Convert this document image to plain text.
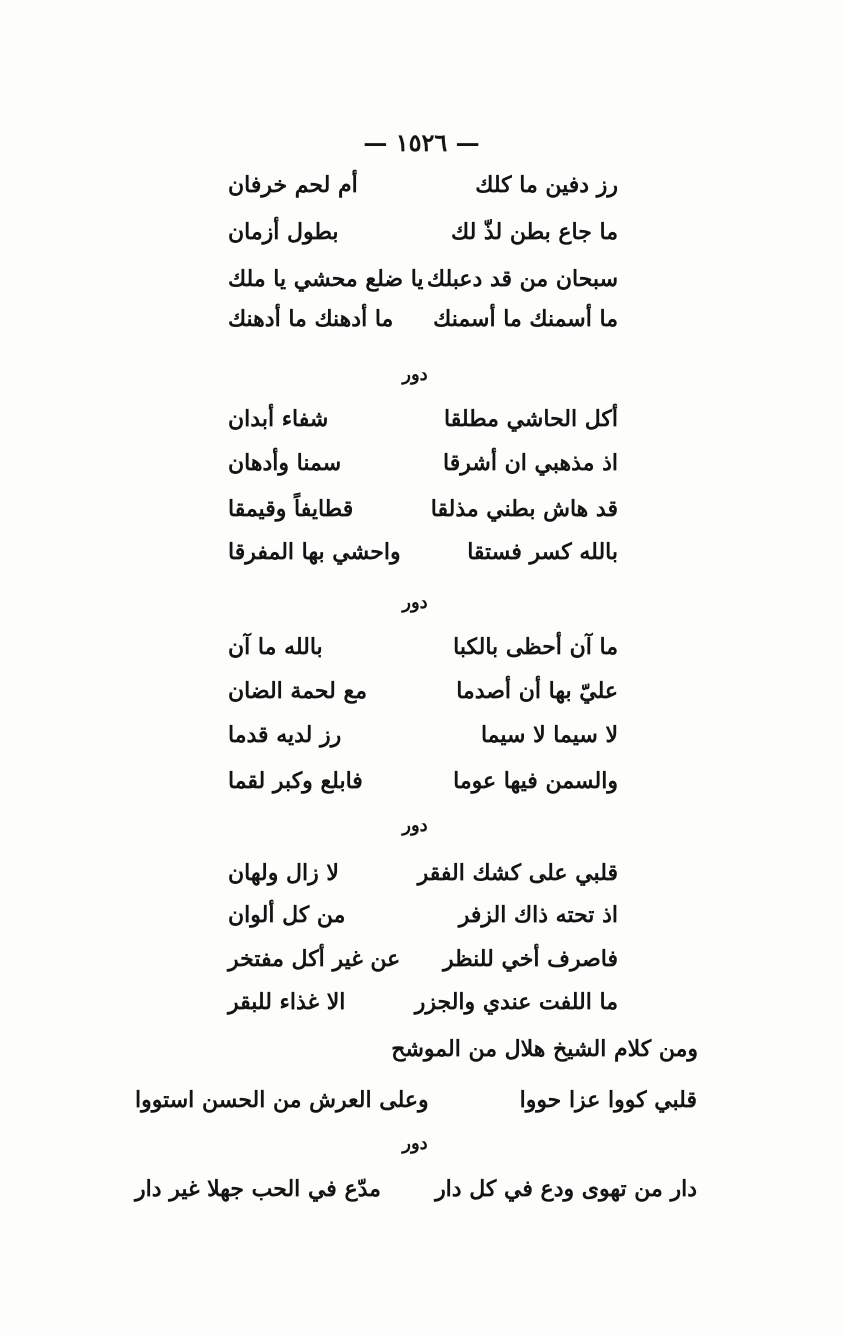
— ١٥٢٦ —
رز دفين ما كلك
أم لحم خرفان
ما جاع بطن لذّ لك
بطول أزمان
سبحان من قد دعبلك
يا ضلع محشي يا ملك
ما أسمنك ما أسمنك
ما أدهنك ما أدهنك
دور
أكل الحاشي مطلقا
شفاء أبدان
اذ مذهبي ان أشرقا
سمنا وأدهان
قد هاش بطني مذلقا
قطايفاً وقيمقا
بالله كسر فستقا
واحشي بها المفرقا
دور
ما آن أحظى بالكبا
بالله ما آن
عليّ بها أن أصدما
مع لحمة الضان
لا سيما لا سيما
رز لديه قدما
والسمن فيها عوما
فابلع وكبر لقما
دور
قلبي على كشك الفقر
لا زال ولهان
اذ تحته ذاك الزفر
من كل ألوان
فاصرف أخي للنظر
عن غير أكل مفتخر
ما اللفت عندي والجزر
الا غذاء للبقر
ومن كلام الشيخ هلال من الموشح
قلبي كووا عزا حووا
وعلى العرش من الحسن استووا
دور
دار من تهوى ودع في كل دار
مدّع في الحب جهلا غير دار
